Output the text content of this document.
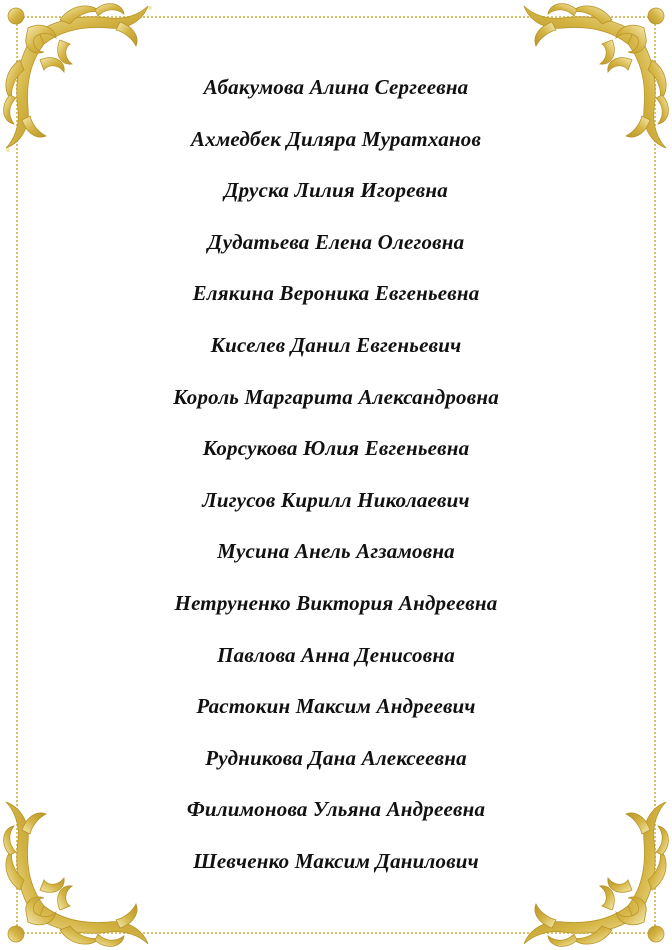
Абакумова Алина Сергеевна
Ахмедбек Диляра Муратханов
Друска Лилия Игоревна
Дудатьева Елена Олеговна
Елякина Вероника Евгеньевна
Киселев Данил Евгеньевич
Король Маргарита Александровна
Корсукова Юлия Евгеньевна
Лигусов Кирилл Николаевич
Мусина Анель Агзамовна
Нетруненко Виктория Андреевна
Павлова Анна Денисовна
Растокин Максим Андреевич
Рудникова Дана Алексеевна
Филимонова Ульяна Андреевна
Шевченко Максим Данилович
